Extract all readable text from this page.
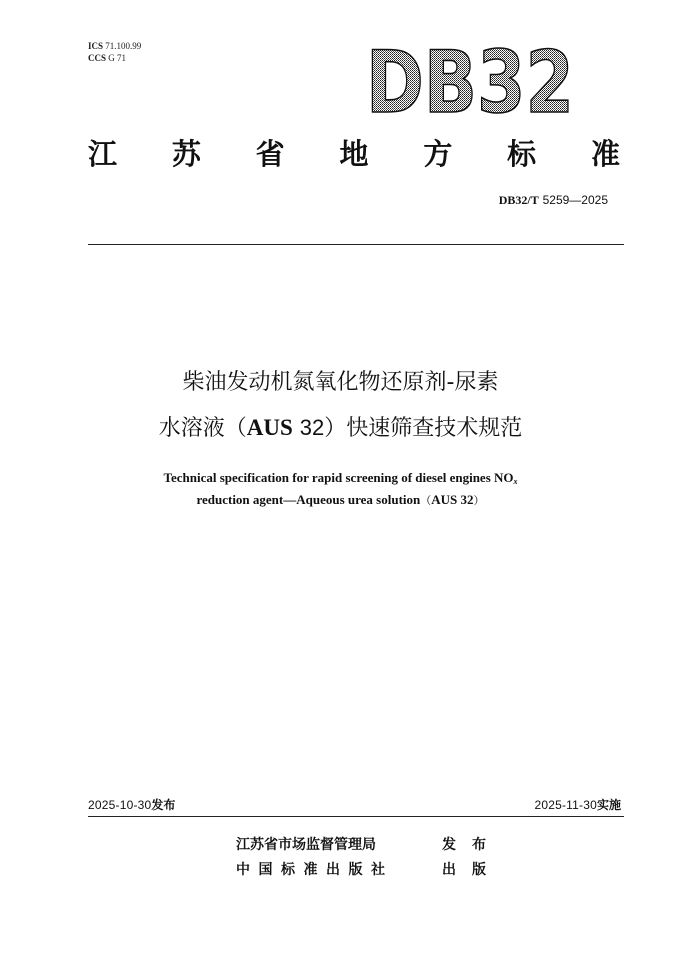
ICS 71.100.99
CCS G 71	DB32
江 苏 省 地 方 标 准
DB32/T 5259—2025
柴油发动机氮氧化物还原剂-尿素
水溶液（AUS 32）快速筛查技术规范
Technical specification for rapid screening of diesel engines $NO_x$
reduction agent—Aqueous urea solution（AUS 32）
2025-10-30发布	2025-11-30实施
江苏省市场监督管理局	发布
中国标准出版社	出版
